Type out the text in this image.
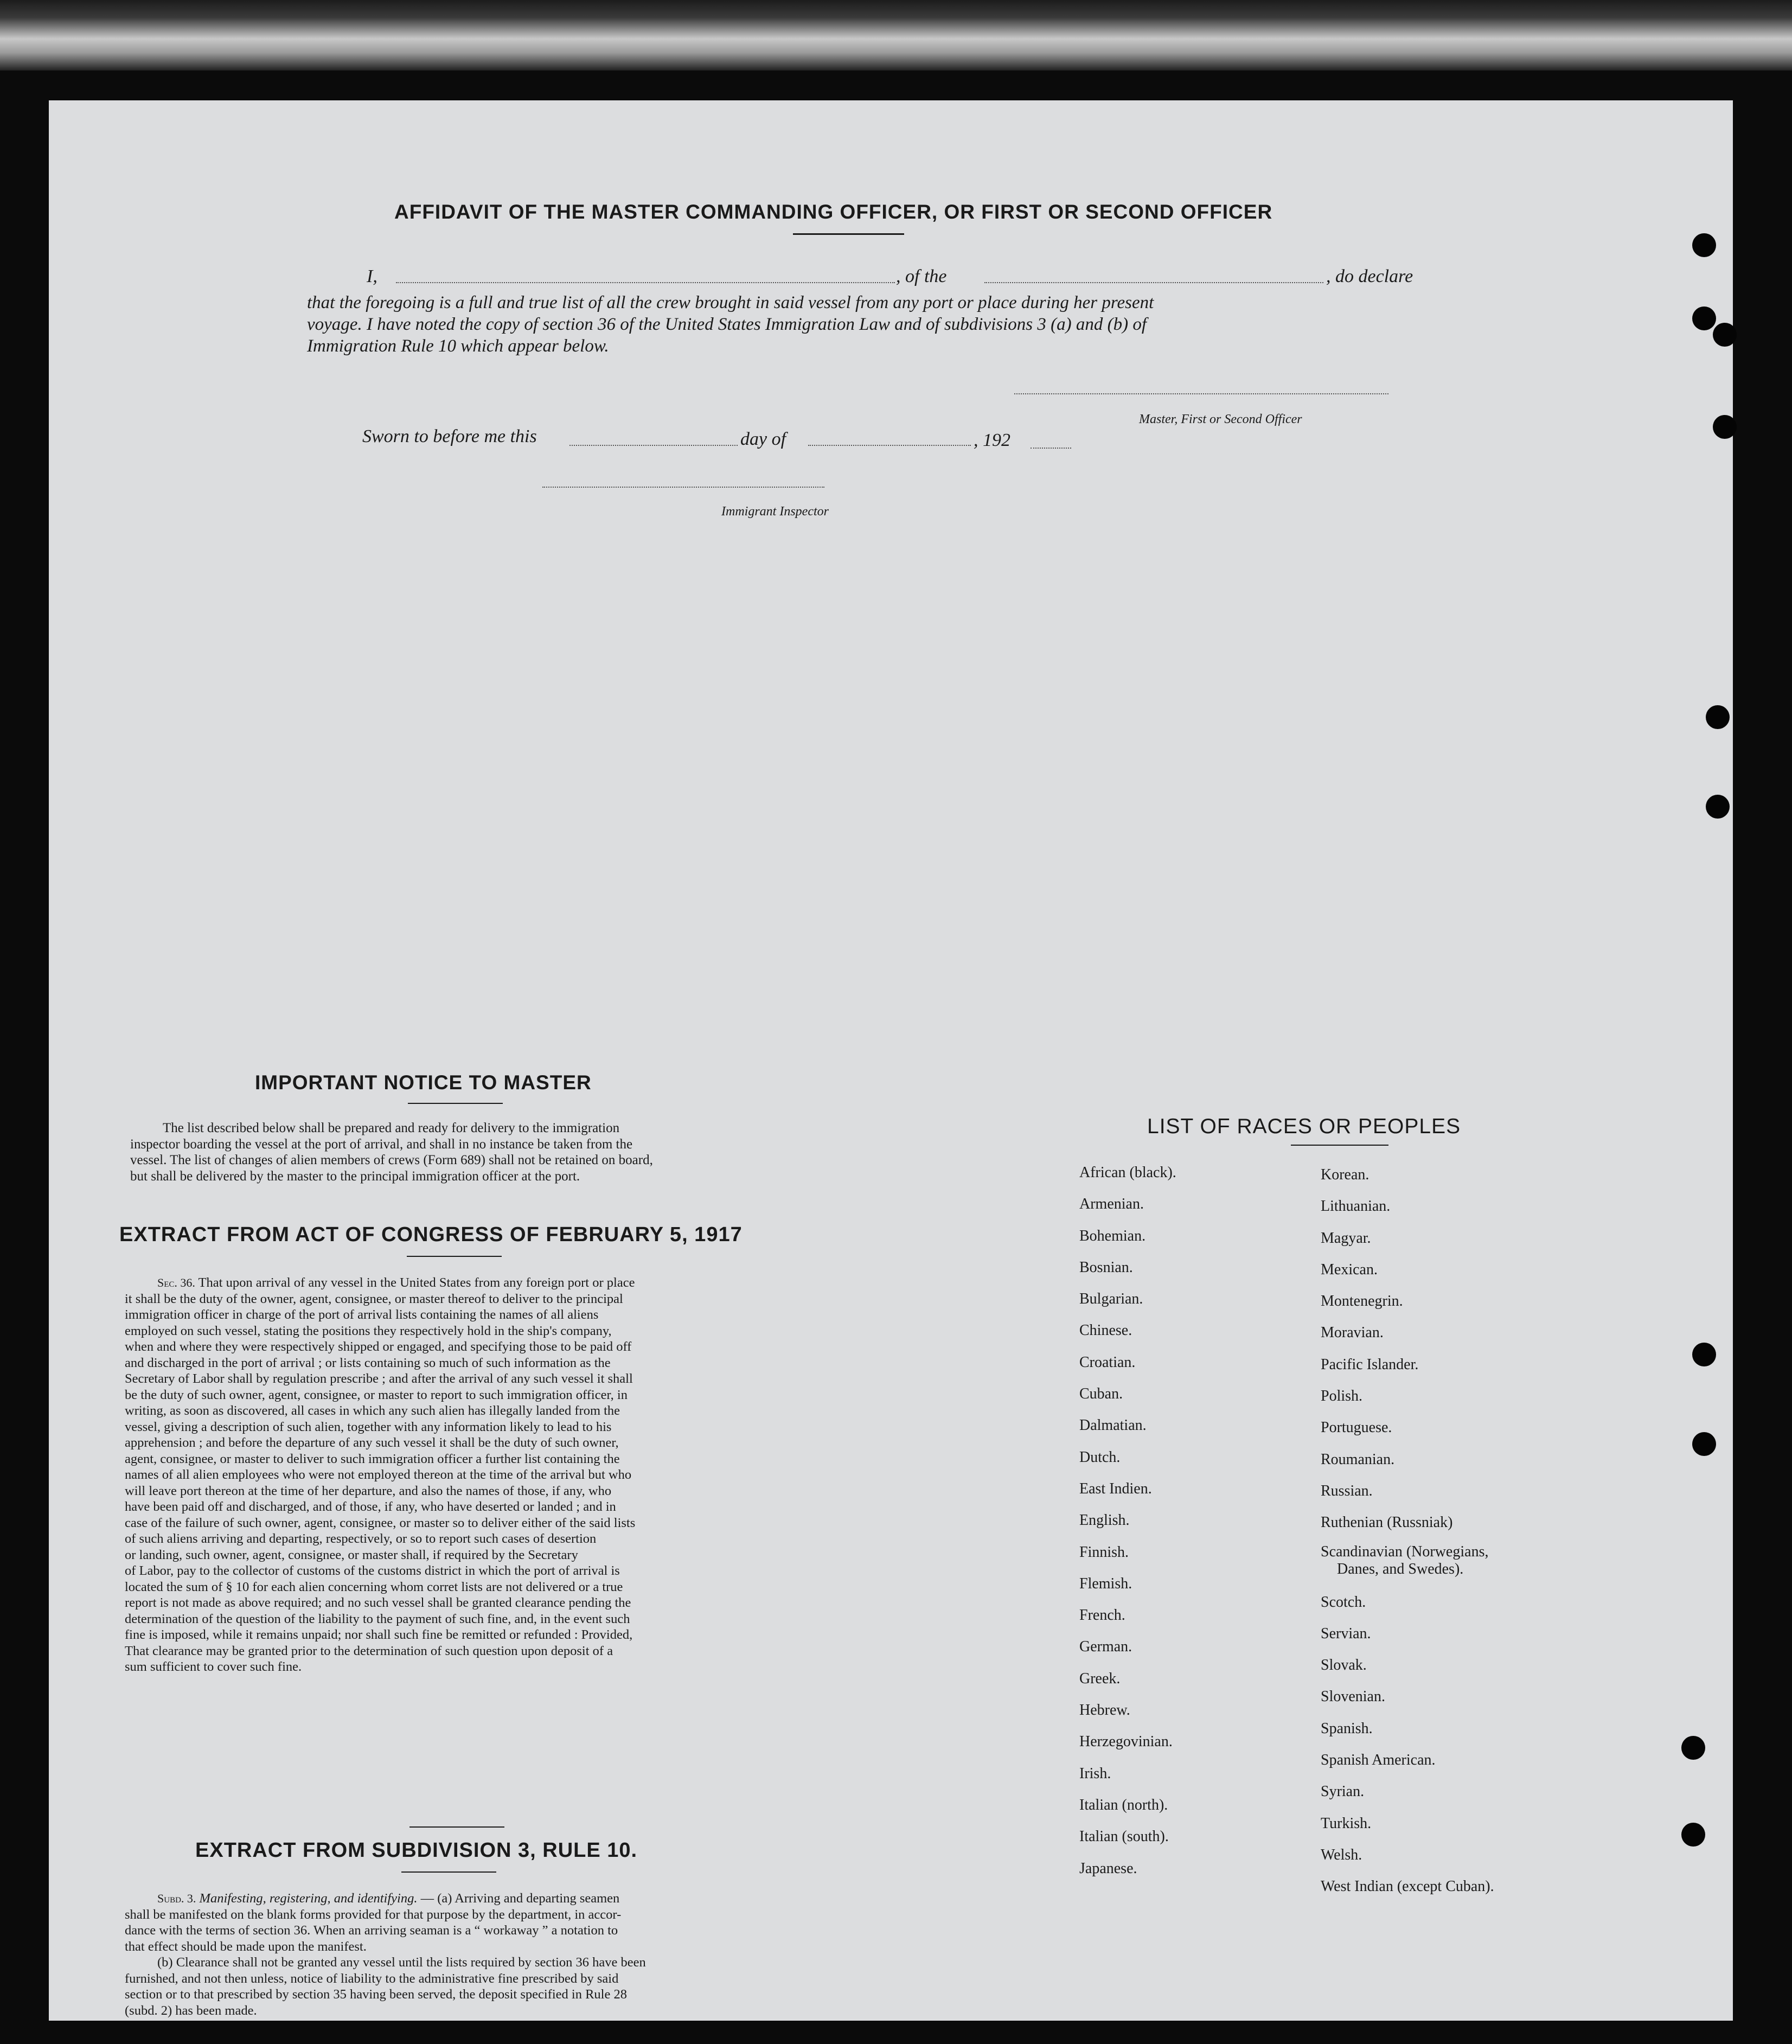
AFFIDAVIT OF THE MASTER COMMANDING OFFICER, OR FIRST OR SECOND OFFICER
I,	, of the	, do declare
that the foregoing is a full and true list of all the crew brought in said vessel from any port or place during her present
voyage. I have noted the copy of section 36 of the United States Immigration Law and of subdivisions 3 (a) and (b) of
Immigration Rule 10 which appear below.
Master, First or Second Officer
Sworn to before me this	day of	, 192
Immigrant Inspector
IMPORTANT NOTICE TO MASTER
The list described below shall be prepared and ready for delivery to the immigration
inspector boarding the vessel at the port of arrival, and shall in no instance be taken from the
vessel. The list of changes of alien members of crews (Form 689) shall not be retained on board,
but shall be delivered by the master to the principal immigration officer at the port.
EXTRACT FROM ACT OF CONGRESS OF FEBRUARY 5, 1917
Sec. 36. That upon arrival of any vessel in the United States from any foreign port or place
it shall be the duty of the owner, agent, consignee, or master thereof to deliver to the principal
immigration officer in charge of the port of arrival lists containing the names of all aliens
employed on such vessel, stating the positions they respectively hold in the ship's company,
when and where they were respectively shipped or engaged, and specifying those to be paid off
and discharged in the port of arrival ; or lists containing so much of such information as the
Secretary of Labor shall by regulation prescribe ; and after the arrival of any such vessel it shall
be the duty of such owner, agent, consignee, or master to report to such immigration officer, in
writing, as soon as discovered, all cases in which any such alien has illegally landed from the
vessel, giving a description of such alien, together with any information likely to lead to his
apprehension ; and before the departure of any such vessel it shall be the duty of such owner,
agent, consignee, or master to deliver to such immigration officer a further list containing the
names of all alien employees who were not employed thereon at the time of the arrival but who
will leave port thereon at the time of her departure, and also the names of those, if any, who
have been paid off and discharged, and of those, if any, who have deserted or landed ; and in
case of the failure of such owner, agent, consignee, or master so to deliver either of the said lists
of such aliens arriving and departing, respectively, or so to report such cases of desertion
or landing, such owner, agent, consignee, or master shall, if required by the Secretary
of Labor, pay to the collector of customs of the customs district in which the port of arrival is
located the sum of § 10 for each alien concerning whom corret lists are not delivered or a true
report is not made as above required; and no such vessel shall be granted clearance pending the
determination of the question of the liability to the payment of such fine, and, in the event such
fine is imposed, while it remains unpaid; nor shall such fine be remitted or refunded : Provided,
That clearance may be granted prior to the determination of such question upon deposit of a
sum sufficient to cover such fine.
EXTRACT FROM SUBDIVISION 3, RULE 10.
Subd. 3. Manifesting, registering, and identifying. — (a) Arriving and departing seamen
shall be manifested on the blank forms provided for that purpose by the department, in accor-
dance with the terms of section 36. When an arriving seaman is a “ workaway ” a notation to
that effect should be made upon the manifest.
(b) Clearance shall not be granted any vessel until the lists required by section 36 have been
furnished, and not then unless, notice of liability to the administrative fine prescribed by said
section or to that prescribed by section 35 having been served, the deposit specified in Rule 28
(subd. 2) has been made.
LIST OF RACES OR PEOPLES
African (black).
Armenian.
Bohemian.
Bosnian.
Bulgarian.
Chinese.
Croatian.
Cuban.
Dalmatian.
Dutch.
East Indien.
English.
Finnish.
Flemish.
French.
German.
Greek.
Hebrew.
Herzegovinian.
Irish.
Italian (north).
Italian (south).
Japanese.
Korean.
Lithuanian.
Magyar.
Mexican.
Montenegrin.
Moravian.
Pacific Islander.
Polish.
Portuguese.
Roumanian.
Russian.
Ruthenian (Russniak)
Scandinavian (Norwegians,
Danes, and Swedes).
Scotch.
Servian.
Slovak.
Slovenian.
Spanish.
Spanish American.
Syrian.
Turkish.
Welsh.
West Indian (except Cuban).
